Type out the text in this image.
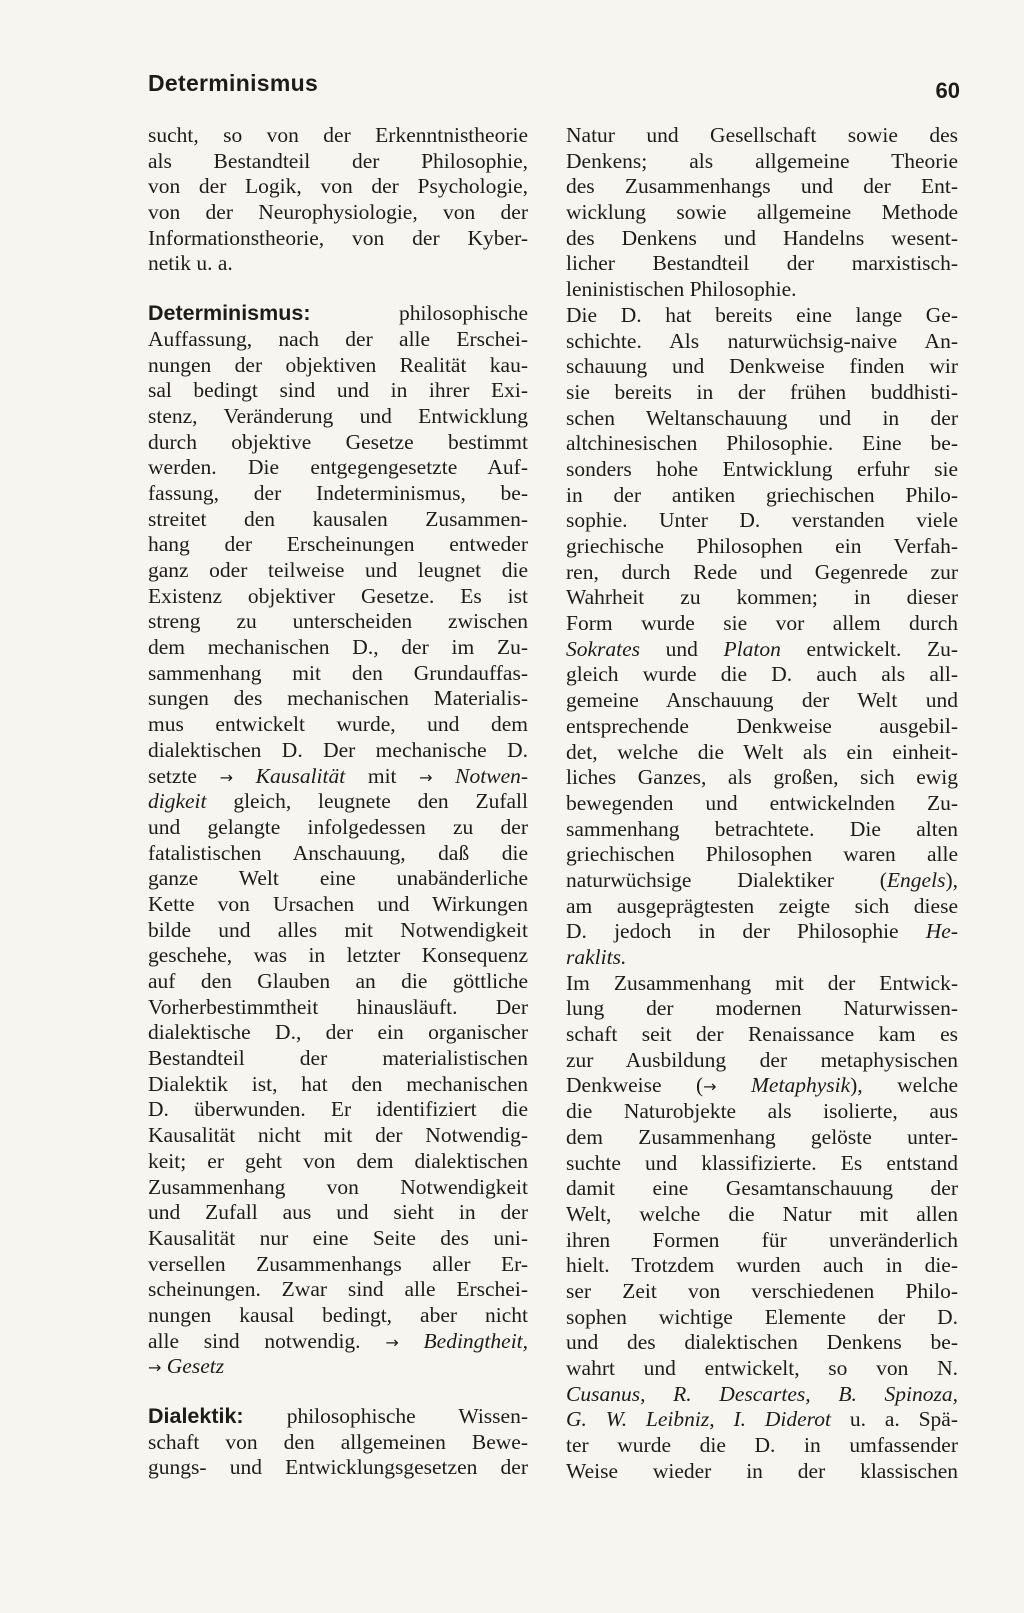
Determinismus	60
sucht, so von der Erkenntnistheorie
als Bestandteil der Philosophie,
von der Logik, von der Psychologie,
von der Neurophysiologie, von der
Informationstheorie, von der Kyber-
netik u. a.
Determinismus:	philosophische
Auffassung, nach der alle Erschei-
nungen der objektiven Realität kau-
sal bedingt sind und in ihrer Exi-
stenz, Veränderung und Entwicklung
durch objektive Gesetze bestimmt
werden. Die entgegengesetzte Auf-
fassung, der Indeterminismus, be-
streitet den kausalen Zusammen-
hang der Erscheinungen entweder
ganz oder teilweise und leugnet die
Existenz objektiver Gesetze. Es ist
streng zu unterscheiden zwischen
dem mechanischen D., der im Zu-
sammenhang mit den Grundauffas-
sungen des mechanischen Materialis-
mus entwickelt wurde, und dem
dialektischen D. Der mechanische D.
setzte → Kausalität mit → Notwen-
digkeit gleich, leugnete den Zufall
und gelangte infolgedessen zu der
fatalistischen Anschauung, daß die
ganze Welt eine unabänderliche
Kette von Ursachen und Wirkungen
bilde und alles mit Notwendigkeit
geschehe, was in letzter Konsequenz
auf den Glauben an die göttliche
Vorherbestimmtheit hinausläuft. Der
dialektische D., der ein organischer
Bestandteil der materialistischen
Dialektik ist, hat den mechanischen
D. überwunden. Er identifiziert die
Kausalität nicht mit der Notwendig-
keit; er geht von dem dialektischen
Zusammenhang von Notwendigkeit
und Zufall aus und sieht in der
Kausalität nur eine Seite des uni-
versellen Zusammenhangs aller Er-
scheinungen. Zwar sind alle Erschei-
nungen kausal bedingt, aber nicht
alle sind notwendig. → Bedingtheit,
→ Gesetz
Dialektik: philosophische Wissen-
schaft von den allgemeinen Bewe-
gungs- und Entwicklungsgesetzen der
Natur und Gesellschaft sowie des
Denkens; als allgemeine Theorie
des Zusammenhangs und der Ent-
wicklung sowie allgemeine Methode
des Denkens und Handelns wesent-
licher Bestandteil der marxistisch-
leninistischen Philosophie.
Die D. hat bereits eine lange Ge-
schichte. Als naturwüchsig-naive An-
schauung und Denkweise finden wir
sie bereits in der frühen buddhisti-
schen Weltanschauung und in der
altchinesischen Philosophie. Eine be-
sonders hohe Entwicklung erfuhr sie
in der antiken griechischen Philo-
sophie. Unter D. verstanden viele
griechische Philosophen ein Verfah-
ren, durch Rede und Gegenrede zur
Wahrheit zu kommen; in dieser
Form wurde sie vor allem durch
Sokrates und Platon entwickelt. Zu-
gleich wurde die D. auch als all-
gemeine Anschauung der Welt und
entsprechende Denkweise ausgebil-
det, welche die Welt als ein einheit-
liches Ganzes, als großen, sich ewig
bewegenden und entwickelnden Zu-
sammenhang betrachtete. Die alten
griechischen Philosophen waren alle
naturwüchsige Dialektiker (Engels),
am ausgeprägtesten zeigte sich diese
D. jedoch in der Philosophie He-
raklits.
Im Zusammenhang mit der Entwick-
lung der modernen Naturwissen-
schaft seit der Renaissance kam es
zur Ausbildung der metaphysischen
Denkweise (→ Metaphysik), welche
die Naturobjekte als isolierte, aus
dem Zusammenhang gelöste unter-
suchte und klassifizierte. Es entstand
damit eine Gesamtanschauung der
Welt, welche die Natur mit allen
ihren Formen für unveränderlich
hielt. Trotzdem wurden auch in die-
ser Zeit von verschiedenen Philo-
sophen wichtige Elemente der D.
und des dialektischen Denkens be-
wahrt und entwickelt, so von N.
Cusanus, R. Descartes, B. Spinoza,
G. W. Leibniz, I. Diderot u. a. Spä-
ter wurde die D. in umfassender
Weise wieder in der klassischen
